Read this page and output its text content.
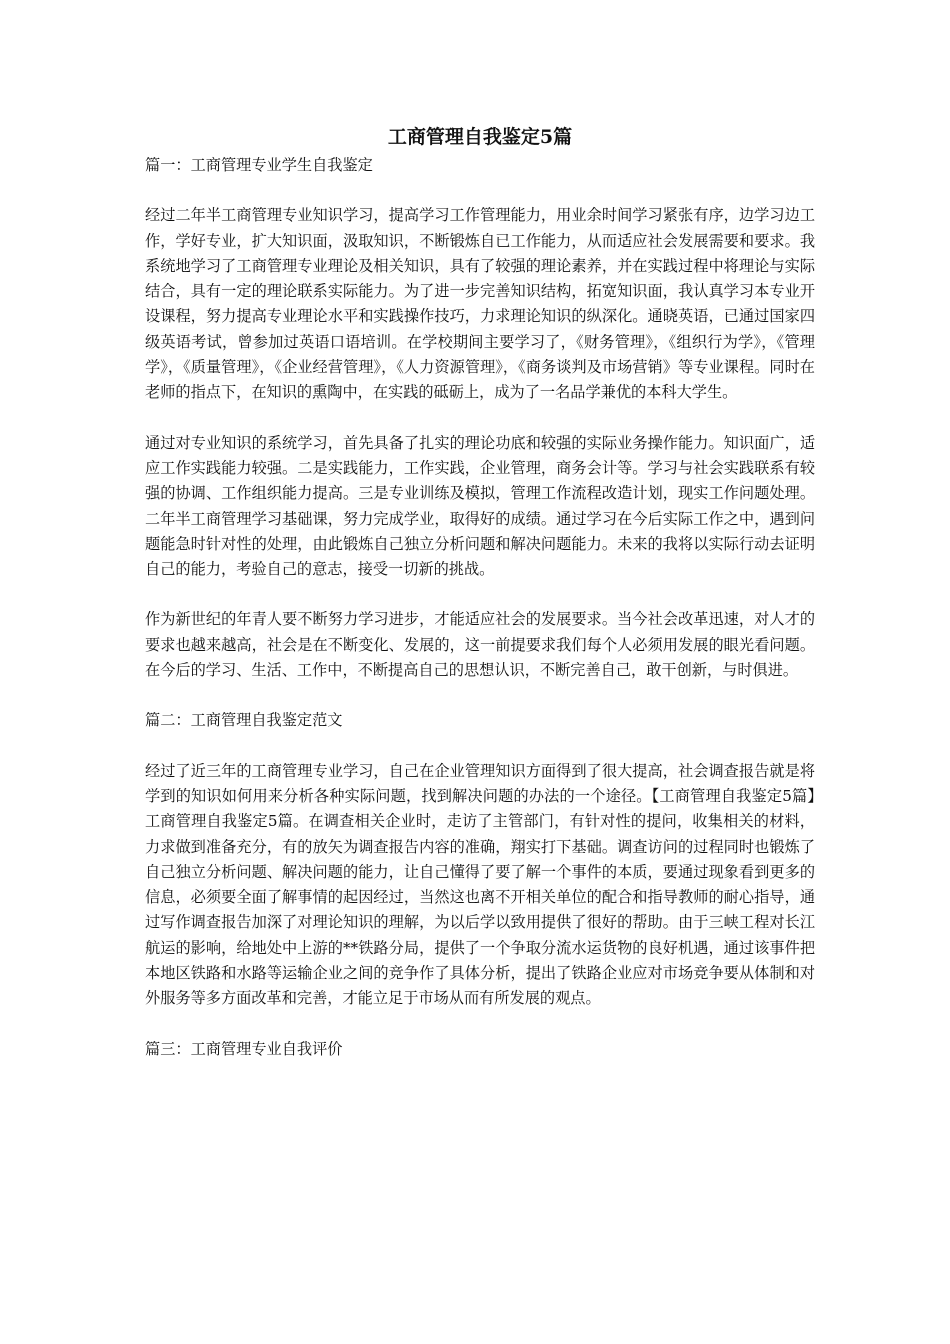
工商管理自我鉴定5篇

篇一：工商管理专业学生自我鉴定

经过二年半工商管理专业知识学习，提高学习工作管理能力，用业余时间学习紧张有序，边学习边工作，学好专业，扩大知识面，汲取知识，不断锻炼自已工作能力，从而适应社会发展需要和要求。我系统地学习了工商管理专业理论及相关知识，具有了较强的理论素养，并在实践过程中将理论与实际结合，具有一定的理论联系实际能力。为了进一步完善知识结构，拓宽知识面，我认真学习本专业开设课程，努力提高专业理论水平和实践操作技巧，力求理论知识的纵深化。通晓英语，已通过国家四级英语考试，曾参加过英语口语培训。在学校期间主要学习了，《财务管理》，《组织行为学》，《管理学》，《质量管理》，《企业经营管理》，《人力资源管理》，《商务谈判及市场营销》等专业课程。同时在老师的指点下，在知识的熏陶中，在实践的砥砺上，成为了一名品学兼优的本科大学生。

通过对专业知识的系统学习，首先具备了扎实的理论功底和较强的实际业务操作能力。知识面广，适应工作实践能力较强。二是实践能力，工作实践，企业管理，商务会计等。学习与社会实践联系有较强的协调、工作组织能力提高。三是专业训练及模拟，管理工作流程改造计划，现实工作问题处理。二年半工商管理学习基础课，努力完成学业，取得好的成绩。通过学习在今后实际工作之中，遇到问题能急时针对性的处理，由此锻炼自己独立分析问题和解决问题能力。未来的我将以实际行动去证明自己的能力，考验自己的意志，接受一切新的挑战。

作为新世纪的年青人要不断努力学习进步，才能适应社会的发展要求。当今社会改革迅速，对人才的要求也越来越高，社会是在不断变化、发展的，这一前提要求我们每个人必须用发展的眼光看问题。在今后的学习、生活、工作中，不断提高自己的思想认识，不断完善自己，敢干创新，与时俱进。

篇二：工商管理自我鉴定范文

经过了近三年的工商管理专业学习，自己在企业管理知识方面得到了很大提高，社会调查报告就是将学到的知识如何用来分析各种实际问题，找到解决问题的办法的一个途径。【工商管理自我鉴定5篇】工商管理自我鉴定5篇。在调查相关企业时，走访了主管部门，有针对性的提问，收集相关的材料，力求做到准备充分，有的放矢为调查报告内容的准确，翔实打下基础。调查访问的过程同时也锻炼了自己独立分析问题、解决问题的能力，让自己懂得了要了解一个事件的本质，要通过现象看到更多的信息，必须要全面了解事情的起因经过，当然这也离不开相关单位的配合和指导教师的耐心指导，通过写作调查报告加深了对理论知识的理解，为以后学以致用提供了很好的帮助。由于三峡工程对长江航运的影响，给地处中上游的**铁路分局，提供了一个争取分流水运货物的良好机遇，通过该事件把本地区铁路和水路等运输企业之间的竞争作了具体分析，提出了铁路企业应对市场竞争要从体制和对外服务等多方面改革和完善，才能立足于市场从而有所发展的观点。

篇三：工商管理专业自我评价
